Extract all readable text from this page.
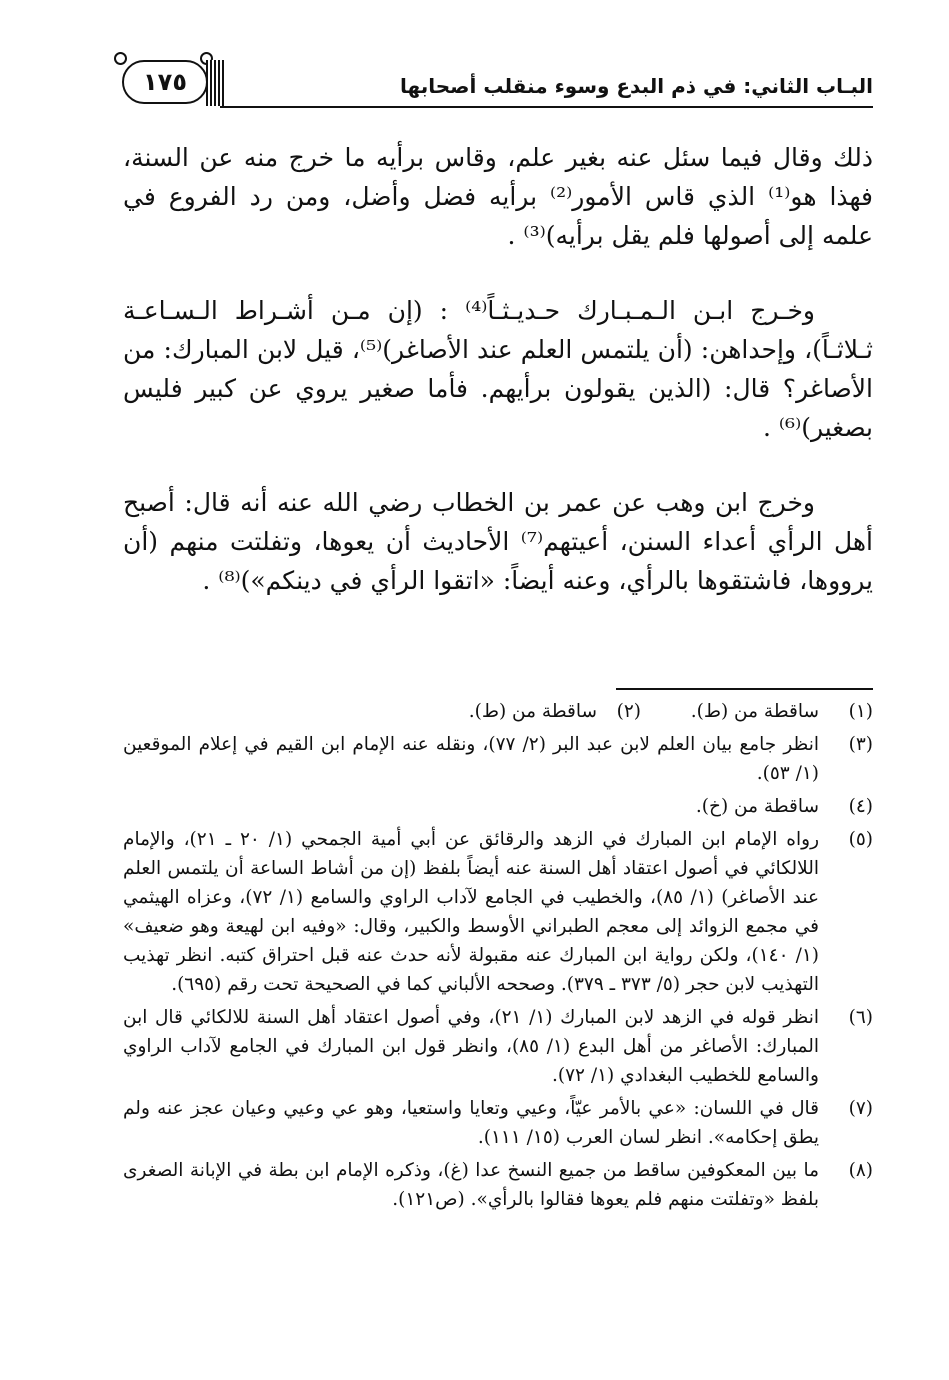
البـاب الثاني: في ذم البدع وسوء منقلب أصحابها
١٧٥

ذلك وقال فيما سئل عنه بغير علم، وقاس برأيه ما خرج منه عن السنة، فهذا هو⁽¹⁾ الذي قاس الأمور⁽²⁾ برأيه فضل وأضل، ومن رد الفروع في علمه إلى أصولها فلم يقل برأيه)⁽³⁾ .

وخـرج ابـن الـمـبـارك حـديـثـاً⁽⁴⁾ : (إن مـن أشـراط الـسـاعـة ثـلاثـاً)، وإحداهن: (أن يلتمس العلم عند الأصاغر)⁽⁵⁾، قيل لابن المبارك: من الأصاغر؟ قال: (الذين يقولون برأيهم. فأما صغير يروي عن كبير فليس بصغير)⁽⁶⁾ .

وخرج ابن وهب عن عمر بن الخطاب رضي الله عنه أنه قال: أصبح أهل الرأي أعداء السنن، أعيتهم⁽⁷⁾ الأحاديث أن يعوها، وتفلتت منهم (أن يرووها، فاشتقوها بالرأي، وعنه أيضاً: «اتقوا الرأي في دينكم»)⁽⁸⁾ .

(١)
ساقطة من (ط).
(٢)
ساقطة من (ط).
(٣)
انظر جامع بيان العلم لابن عبد البر (٢/ ٧٧)، ونقله عنه الإمام ابن القيم في إعلام الموقعين (١/ ٥٣).
(٤)
ساقطة من (خ).
(٥)
رواه الإمام ابن المبارك في الزهد والرقائق عن أبي أمية الجمحي (١/ ٢٠ ـ ٢١)، والإمام اللالكائي في أصول اعتقاد أهل السنة عنه أيضاً بلفظ (إن من أشاط الساعة أن يلتمس العلم عند الأصاغر) (١/ ٨٥)، والخطيب في الجامع لآداب الراوي والسامع (١/ ٧٢)، وعزاه الهيثمي في مجمع الزوائد إلى معجم الطبراني الأوسط والكبير، وقال: «وفيه ابن لهيعة وهو ضعيف» (١/ ١٤٠)، ولكن رواية ابن المبارك عنه مقبولة لأنه حدث عنه قبل احتراق كتبه. انظر تهذيب التهذيب لابن حجر (٥/ ٣٧٣ ـ ٣٧٩). وصححه الألباني كما في الصحيحة تحت رقم (٦٩٥).
(٦)
انظر قوله في الزهد لابن المبارك (١/ ٢١)، وفي أصول اعتقاد أهل السنة للالكائي قال ابن المبارك: الأصاغر من أهل البدع (١/ ٨٥)، وانظر قول ابن المبارك في الجامع لآداب الراوي والسامع للخطيب البغدادي (١/ ٧٢).
(٧)
قال في اللسان: «عي بالأمر عيّاً، وعيي وتعايا واستعيا، وهو عي وعيي وعيان عجز عنه ولم يطق إحكامه». انظر لسان العرب (١٥/ ١١١).
(٨)
ما بين المعكوفين ساقط من جميع النسخ عدا (غ)، وذكره الإمام ابن بطة في الإبانة الصغرى بلفظ «وتفلتت منهم فلم يعوها فقالوا بالرأي». (ص١٢١).
